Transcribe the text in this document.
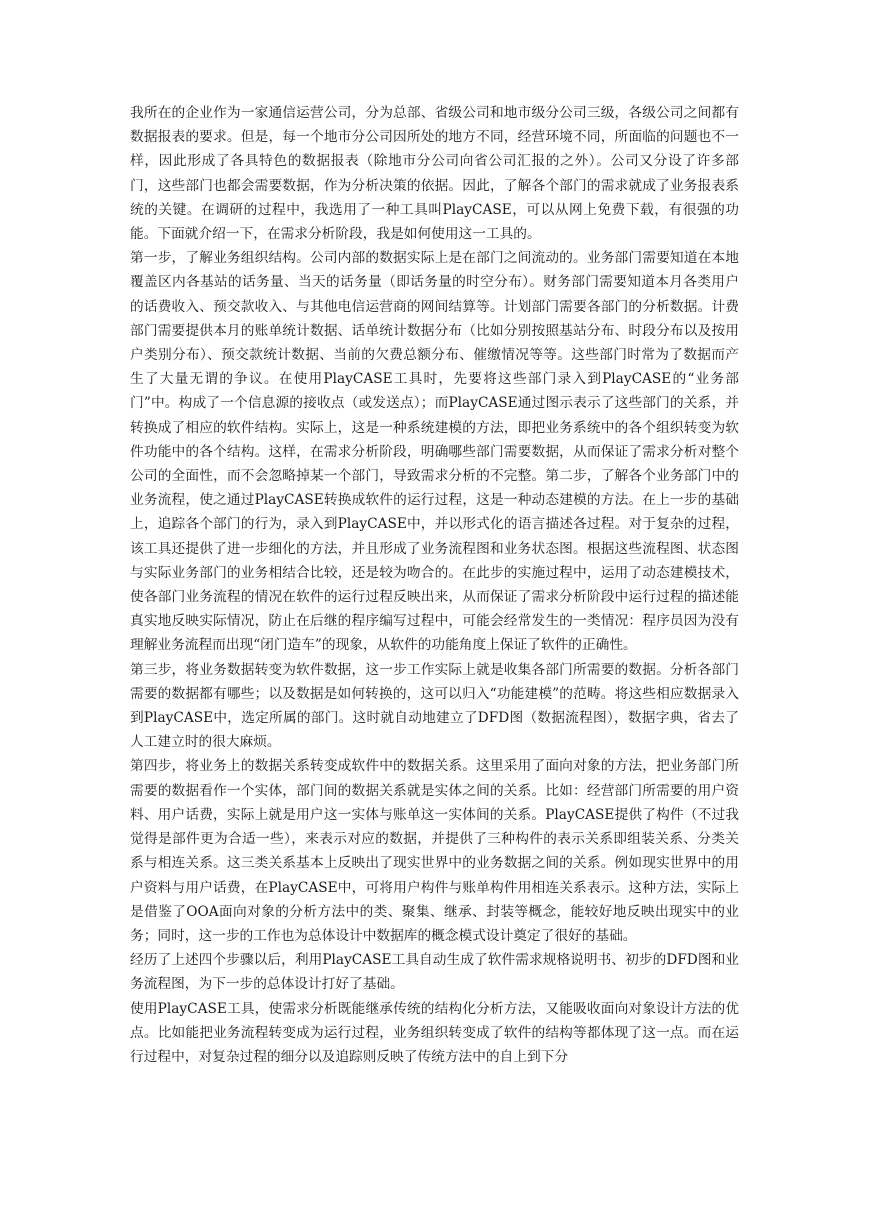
我所在的企业作为一家通信运营公司，分为总部、省级公司和地市级分公司三级，各级公司之间都有数据报表的要求。但是，每一个地市分公司因所处的地方不同，经营环境不同，所面临的问题也不一样，因此形成了各具特色的数据报表（除地市分公司向省公司汇报的之外）。公司又分设了许多部门，这些部门也都会需要数据，作为分析决策的依据。因此，了解各个部门的需求就成了业务报表系统的关键。在调研的过程中，我选用了一种工具叫PlayCASE，可以从网上免费下载，有很强的功能。下面就介绍一下，在需求分析阶段，我是如何使用这一工具的。

第一步，了解业务组织结构。公司内部的数据实际上是在部门之间流动的。业务部门需要知道在本地覆盖区内各基站的话务量、当天的话务量（即话务量的时空分布）。财务部门需要知道本月各类用户的话费收入、预交款收入、与其他电信运营商的网间结算等。计划部门需要各部门的分析数据。计费部门需要提供本月的账单统计数据、话单统计数据分布（比如分别按照基站分布、时段分布以及按用户类别分布）、预交款统计数据、当前的欠费总额分布、催缴情况等等。这些部门时常为了数据而产生了大量无谓的争议。在使用PlayCASE工具时，先要将这些部门录入到PlayCASE的“业务部门”中。构成了一个信息源的接收点（或发送点）；而PlayCASE通过图示表示了这些部门的关系，并转换成了相应的软件结构。实际上，这是一种系统建模的方法，即把业务系统中的各个组织转变为软件功能中的各个结构。这样，在需求分析阶段，明确哪些部门需要数据，从而保证了需求分析对整个公司的全面性，而不会忽略掉某一个部门，导致需求分析的不完整。第二步，了解各个业务部门中的业务流程，使之通过PlayCASE转换成软件的运行过程，这是一种动态建模的方法。在上一步的基础上，追踪各个部门的行为，录入到PlayCASE中，并以形式化的语言描述各过程。对于复杂的过程，该工具还提供了进一步细化的方法，并且形成了业务流程图和业务状态图。根据这些流程图、状态图与实际业务部门的业务相结合比较，还是较为吻合的。在此步的实施过程中，运用了动态建模技术，使各部门业务流程的情况在软件的运行过程反映出来，从而保证了需求分析阶段中运行过程的描述能真实地反映实际情况，防止在后继的程序编写过程中，可能会经常发生的一类情况：程序员因为没有理解业务流程而出现“闭门造车”的现象，从软件的功能角度上保证了软件的正确性。

第三步，将业务数据转变为软件数据，这一步工作实际上就是收集各部门所需要的数据。分析各部门需要的数据都有哪些；以及数据是如何转换的，这可以归入“功能建模”的范畴。将这些相应数据录入到PlayCASE中，选定所属的部门。这时就自动地建立了DFD图（数据流程图），数据字典，省去了人工建立时的很大麻烦。

第四步，将业务上的数据关系转变成软件中的数据关系。这里采用了面向对象的方法，把业务部门所需要的数据看作一个实体，部门间的数据关系就是实体之间的关系。比如：经营部门所需要的用户资料、用户话费，实际上就是用户这一实体与账单这一实体间的关系。PlayCASE提供了构件（不过我觉得是部件更为合适一些），来表示对应的数据，并提供了三种构件的表示关系即组装关系、分类关系与相连关系。这三类关系基本上反映出了现实世界中的业务数据之间的关系。例如现实世界中的用户资料与用户话费，在PlayCASE中，可将用户构件与账单构件用相连关系表示。这种方法，实际上是借鉴了OOA面向对象的分析方法中的类、聚集、继承、封装等概念，能较好地反映出现实中的业务；同时，这一步的工作也为总体设计中数据库的概念模式设计奠定了很好的基础。

经历了上述四个步骤以后，利用PlayCASE工具自动生成了软件需求规格说明书、初步的DFD图和业务流程图，为下一步的总体设计打好了基础。

使用PlayCASE工具，使需求分析既能继承传统的结构化分析方法，又能吸收面向对象设计方法的优点。比如能把业务流程转变成为运行过程，业务组织转变成了软件的结构等都体现了这一点。而在运行过程中，对复杂过程的细分以及追踪则反映了传统方法中的自上到下分
